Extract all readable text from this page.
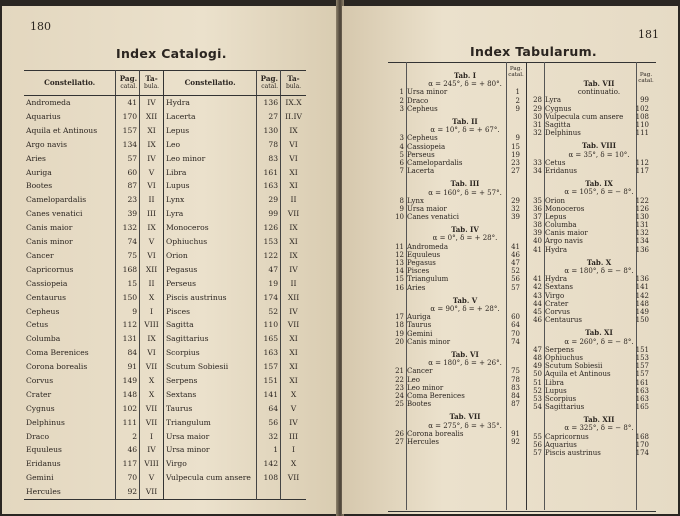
180
Index Catalogi.
Constellatio.	Pag.
catal.	Ta-
bula.	Constellatio.	Pag.
catal.	Ta-
bula.
Andromeda	41	IV	Hydra	136	IX.X
Aquarius	170	XII	Lacerta	27	II.IV
Aquila et Antinous	157	XI	Lepus	130	IX
Argo navis	134	IX	Leo	78	VI
Aries	57	IV	Leo minor	83	VI
Auriga	60	V	Libra	161	XI
Bootes	87	VI	Lupus	163	XI
Camelopardalis	23	II	Lynx	29	II
Canes venatici	39	III	Lyra	99	VII
Canis maior	132	IX	Monoceros	126	IX
Canis minor	74	V	Ophiuchus	153	XI
Cancer	75	VI	Orion	122	IX
Capricornus	168	XII	Pegasus	47	IV
Cassiopeia	15	II	Perseus	19	II
Centaurus	150	X	Piscis austrinus	174	XII
Cepheus	9	I	Pisces	52	IV
Cetus	112	VIII	Sagitta	110	VII
Columba	131	IX	Sagittarius	165	XI
Coma Berenices	84	VI	Scorpius	163	XI
Corona borealis	91	VII	Scutum Sobiesii	157	XI
Corvus	149	X	Serpens	151	XI
Crater	148	X	Sextans	141	X
Cygnus	102	VII	Taurus	64	V
Delphinus	111	VII	Triangulum	56	IV
Draco	2	I	Ursa maior	32	III
Equuleus	46	IV	Ursa minor	1	I
Eridanus	117	VIII	Virgo	142	X
Gemini	70	V	Vulpecula cum ansere	108	VII
Hercules	92	VII			
181
Index Tabularum.
Pag.
catal.	Pag.
catal.
Tab. I
α = 245°, δ = + 80°.
1 Ursa minor	1
2 Draco	2
3 Cepheus	9
Tab. II
α = 10°, δ = + 67°.
3 Cepheus	9
4 Cassiopeia	15
5 Perseus	19
6 Camelopardalis	23
7 Lacerta	27
Tab. III
α = 160°, δ = + 57°.
8 Lynx	29
9 Ursa maior	32
10 Canes venatici	39
Tab. IV
α = 0°, δ = + 28°.
11 Andromeda	41
12 Equuleus	46
13 Pegasus	47
14 Pisces	52
15 Triangulum	56
16 Aries	57
Tab. V
α = 90°, δ = + 28°.
17 Auriga	60
18 Taurus	64
19 Gemini	70
20 Canis minor	74
Tab. VI
α = 180°, δ = + 26°.
21 Cancer	75
22 Leo	78
23 Leo minor	83
24 Coma Berenices	84
25 Bootes	87
Tab. VII
α = 275°, δ = + 35°.
26 Corona borealis	91
27 Hercules	92
Tab. VII
continuatio.
28 Lyra	99
29 Cygnus	102
30 Vulpecula cum ansere	108
31 Sagitta	110
32 Delphinus	111
Tab. VIII
α = 35°, δ = 10°.
33 Cetus	112
34 Eridanus	117
Tab. IX
α = 105°, δ = − 8°.
35 Orion	122
36 Monoceros	126
37 Lepus	130
38 Columba	131
39 Canis maior	132
40 Argo navis	134
41 Hydra	136
Tab. X
α = 180°, δ = − 8°.
41 Hydra	136
42 Sextans	141
43 Virgo	142
44 Crater	148
45 Corvus	149
46 Centaurus	150
Tab. XI
α = 260°, δ = − 8°.
47 Serpens	151
48 Ophiuchus	153
49 Scutum Sobiesii	157
50 Aquila et Antinous	157
51 Libra	161
52 Lupus	163
53 Scorpius	163
54 Sagittarius	165
Tab. XII
α = 325°, δ = − 8°.
55 Capricornus	168
56 Aquarius	170
57 Piscis austrinus	174
